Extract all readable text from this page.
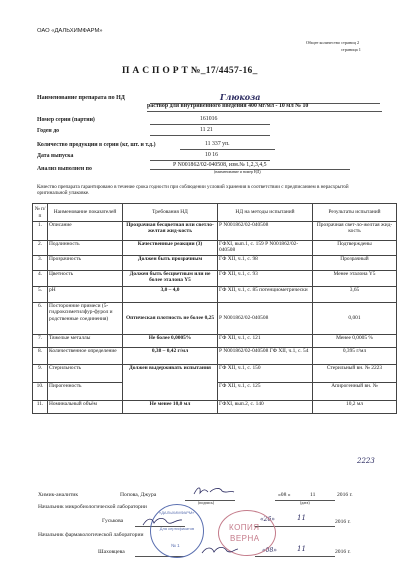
ОАО «ДАЛЬХИМФАРМ»
Общее количество страниц 2
страница 1
П А С П О Р Т №_17/4457-16_
Наименование препарата по НД	Глюкоза
раствор для внутривенного введения 400 мг/мл - 10 мл № 10
Номер серии (партии)	161016
Годен до	11 21
Количество продукции в серии (кг, шт. и т.д.)	11 337 уп.
Дата выпуска	10 16
Анализ выполнен по
Р N001862/02-040508, изм.№ 1,2,3,4,5
(наименование и номер НД)
Качество препарата гарантировано в течение срока годности при соблюдении условий хранения в соответствии с предписанием в нерасхрытой оригинальной упаковке.
№ п/п	Наименование показателей	Требования НД	НД на методы испытаний	Результаты испытаний
1.	Описание	Прозрачная бесцветная или светло-желтая жид-кость	Р N001862/02-040508	Прозрачная свет-ло-желтая жид-кость
2.	Подлинность	Качественные реакции (3)	ГФХI, вып.1, с. 159 Р N001862/02-040508	Подтверждены
3.	Прозрачность	Должен быть прозрачным	ГФ XII, ч.1, с. 98	Прозрачный
4.	Цветность	Должен быть бесцветным или не более эталона Y5	ГФ XII, ч.1, с. 93	Менее эталона Y5
5.	pH	3,0 – 4,0	ГФ XII, ч.1, с. 85 потенциометрически	3,65
6.	Посторонние примеси (5-гидроксиметилфур-фурол и родственные соединения)	Оптическая плотность не более 0,25	Р N001862/02-040508	0,001
7.	Тяжелые металлы	Не более 0,0005%	ГФ XII, ч.1, с. 121	Менее 0,0005 %
8.	Количественное определение	0,38 – 0,42 г/мл	Р N001862/02-040508 ГФ XII, ч.1, с. 54	0,395 г/мл
9.	Стерильность	Должен выдерживать испытания	ГФ XII, ч.1, с. 150	Стерильный вн. № 2223
10.	Пирогенность		ГФ XII, ч.1, с. 125	Апирогенный вн. №
11.	Номинальный объём	Не менее 10,0 мл	ГФХI, вып.2, с. 140	10,2 мл
2223
Химик-аналитик	Попова, Джура
(подпись)
«08 »	11	2016 г.
(дата)
Начальник микробиологической лаборатории
Гуськова	«26»	11	2016 г.
Начальник фармакологической лаборатории
Шаховцева	«08»	11	2016 г.
«ДАЛЬХИМФАРМ»
Для сертификатов
№ 1
КОПИЯ
ВЕРНА
